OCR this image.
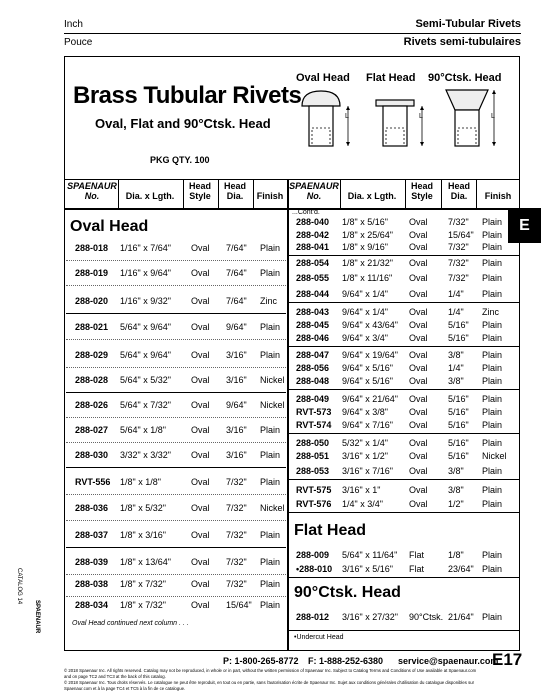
Inch	Semi-Tubular Rivets
Pouce	Rivets semi-tubulaires
Brass Tubular Rivets
Oval, Flat and 90°Ctsk. Head
PKG QTY. 100
Oval Head Flat Head 90°Ctsk. Head
L	L	L
SPAENAUR
No.
	Dia. x Lgth.
Head
Style
Head
Dia.
	Finish
SPAENAUR
No.
	Dia. x Lgth.
Head
Style
Head
Dia.
	Finish
Oval Head
...Cont'd.
Flat Head
90°Ctsk. Head
288-018 1/16" x 7/64" Oval 7/64" Plain
288-019 1/16" x 9/64" Oval 7/64" Plain
288-020 1/16" x 9/32" Oval 7/64" Zinc
288-021 5/64" x 9/64" Oval 9/64" Plain
288-029 5/64" x 9/64" Oval 3/16" Plain
288-028 5/64" x 5/32" Oval 3/16" Nickel
288-026 5/64" x 7/32" Oval 9/64" Nickel
288-027 5/64" x 1/8"	Oval 3/16" Plain
288-030 3/32" x 3/32" Oval 3/16" Plain
RVT-556 1/8" x 1/8"	Oval 7/32" Plain
288-036 1/8" x 5/32"	Oval 7/32" Nickel
288-037 1/8" x 3/16"	Oval 7/32" Plain
288-039 1/8" x 13/64" Oval 7/32" Plain
288-038 1/8" x 7/32"	Oval 7/32" Plain
288-034 1/8" x 7/32"	Oval 15/64" Plain
288-040 1/8" x 5/16" Oval 7/32" Plain
288-042 1/8" x 25/64" Oval 15/64" Plain
288-041 1/8" x 9/16" Oval 7/32" Plain
288-054 1/8" x 21/32" Oval 7/32" Plain
288-055 1/8" x 11/16" Oval 7/32" Plain
288-044 9/64" x 1/4" Oval 1/4" Plain
288-043 9/64" x 1/4" Oval 1/4" Zinc
288-045 9/64" x 43/64" Oval 5/16" Plain
288-046 9/64" x 3/4" Oval 5/16" Plain
288-047 9/64" x 19/64" Oval 3/8" Plain
288-056 9/64" x 5/16" Oval 1/4" Plain
288-048 9/64" x 5/16" Oval 3/8" Plain
288-049 9/64" x 21/64" Oval 5/16" Plain
RVT-573 9/64" x 3/8" Oval 5/16" Plain
RVT-574 9/64" x 7/16" Oval 5/16" Plain
288-050 5/32" x 1/4" Oval 5/16" Plain
288-051 3/16" x 1/2" Oval 5/16" Nickel
288-053 3/16" x 7/16" Oval 3/8" Plain
RVT-575 3/16" x 1"	Oval 3/8" Plain
RVT-576 1/4" x 3/4"	Oval 1/2" Plain
288-009 5/64" x 11/64" Flat	1/8" Plain
•288-010 3/16" x 5/16" Flat	23/64" Plain
288-012 3/16" x 27/32" 90°Ctsk. 21/64" Plain
Oval Head continued next column . . .
•Undercut Head
E
CATALOG 14
SPAENAUR
P: 1-800-265-8772 F: 1-888-252-6380 service@spaenaur.com
E17
© 2018 Spaenaur Inc. All rights reserved. Catalog may not be reproduced, in whole or in part, without the written permission of Spaenaur Inc. Subject to Catalog Terms and Conditions of Use available at Spaenaur.com and on page TC2 and TC3 at the back of this catalog.
© 2018 Spaenaur Inc. Tous droits réservés. Le catalogue ne peut être reproduit, en tout ou en partie, sans l'autorisation écrite de Spaenaur Inc. Sujet aux conditions générales d'utilisation du catalogue disponibles sur Spaenaur.com et à la page TC4 et TC5 à la fin de ce catalogue.
